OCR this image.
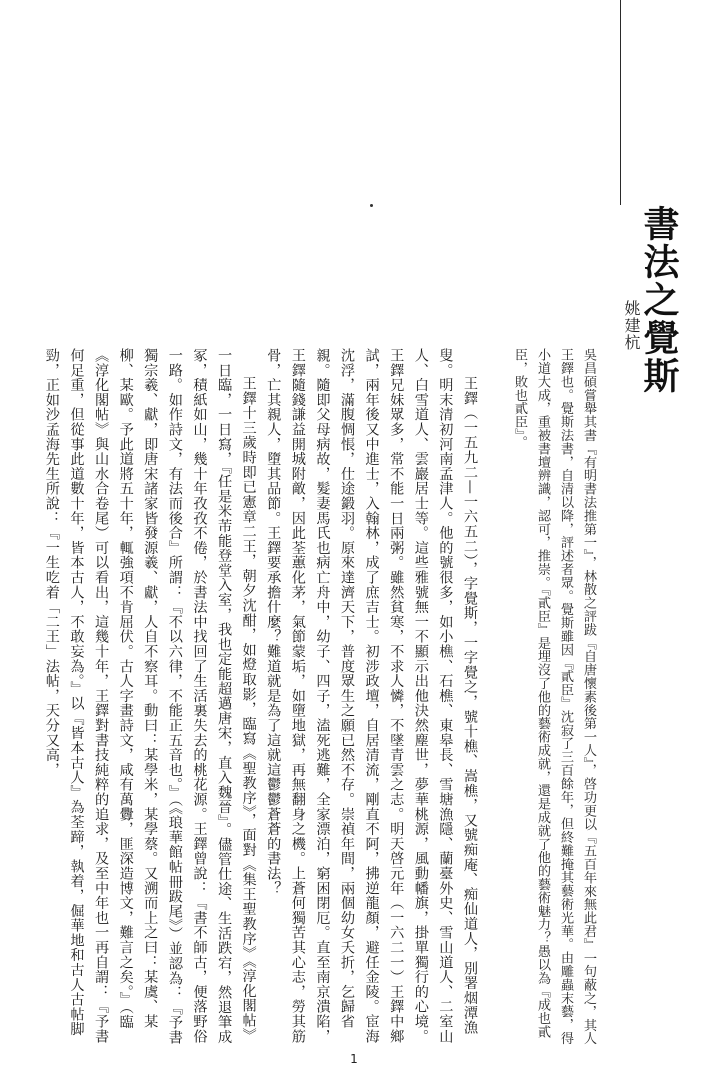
書法之覺斯
姚建杭

吳昌碩嘗舉其書『有明書法推第一』，林散之評跋『自唐懷素後第一人』，啓功更以『五百年來無此君』一句蔽之，其人王鐸也。覺斯法書，自清以降，評述者眾。覺斯雖因『貳臣』沈寂了三百餘年，但終難掩其藝術光華。由雕蟲末藝，得小道大成，重被書壇辨識，認可，推崇。『貳臣』是埋沒了他的藝術成就，還是成就了他的藝術魅力？愚以為『成也貳臣，敗也貳臣』。

王鐸（一五九二—一六五二），字覺斯，一字覺之，號十樵、嵩樵，又號痴庵、痴仙道人，別署烟潭漁叟。明末清初河南孟津人。他的號很多，如小樵、石樵、東皋長、雪塘漁隱、蘭臺外史、雪山道人、二室山人、白雪道人、雲巖居士等。這些雅號無一不顯示出他決然塵世，夢華桃源，風動幡旗，掛單獨行的心境。王鐸兄妹眾多，常不能一日兩粥。雖然貧寒，不求人憐，不墜青雲之志。明天啓元年（一六二一）王鐸中鄉試，兩年後又中進士，入翰林，成了庶吉士。初涉政壇，自居清流，剛直不阿，拂逆龍顏，避任金陵。宦海沈浮，滿腹惆悵，仕途鍛羽。原來達濟天下，普度眾生之願已然不存。崇禎年間，兩個幼女夭折，乞歸省親。隨即父母病故，髮妻馬氏也病亡舟中，幼子、四子，溘死逃難，全家漂泊，窮困閉厄。直至南京潰陷，王鐸隨錢謙益開城附敵，因此荃蕙化茅，氣節蒙垢，如墮地獄，再無翻身之機。上蒼何獨苦其心志，勞其筋骨，亡其親人，墮其品節。王鐸要承擔什麼？難道就是為了這就這鬱鬱蒼蒼的書法？

王鐸十三歲時即已憲章二王，朝夕沈酣，如燈取影，臨寫《聖教序》，面對《集王聖教序》《淳化閣帖》一日臨，一日寫，『任是米芾能登堂入室，我也定能超邁唐宋，直入魏晉』。儘管仕途、生活跌宕，然退筆成冢，積紙如山，幾十年孜孜不倦，於書法中找回了生活裏失去的桃花源。王鐸曾說：『書不師古，便落野俗一路。如作詩文，有法而後合』所謂：『不以六律，不能正五音也。』（《琅華館帖冊跋尾》）並認為：『予書獨宗羲、獻，即唐宋諸家皆發源羲、獻，人自不察耳。動曰：某學米，某學蔡。又溯而上之曰：某虞、某柳、某歐。予此道將五十年，輒強項不肯屈伏。古人字畫詩文，咸有萬釁，匪深造博文，難言之矣。』（臨《淳化閣帖》與山水合卷尾）可以看出，這幾十年，王鐸對書技純粹的追求，及至中年也一再自謂：『予書何足重，但從事此道數十年，皆本古人，不敢妄為。』以『皆本古人』為荃蹄，執着，倔華地和古人古帖脚勁，正如沙孟海先生所說：『一生吃着「二王」法帖，天分又高，

1
